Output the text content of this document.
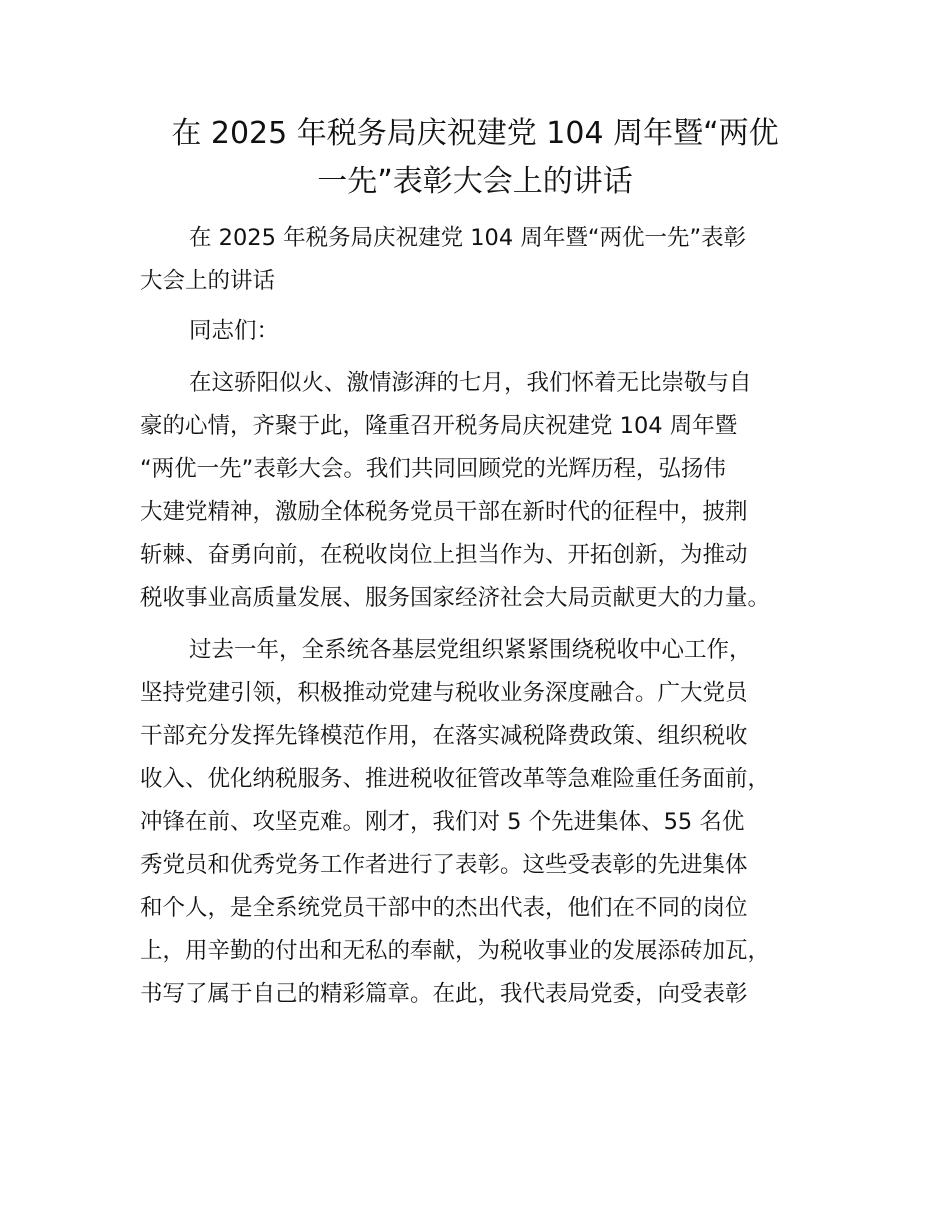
在 2025 年税务局庆祝建党 104 周年暨“两优
一先”表彰大会上的讲话

在 2025 年税务局庆祝建党 104 周年暨“两优一先”表彰
大会上的讲话

同志们：

在这骄阳似火、激情澎湃的七月，我们怀着无比崇敬与自
豪的心情，齐聚于此，隆重召开税务局庆祝建党 104 周年暨
“两优一先”表彰大会。我们共同回顾党的光辉历程，弘扬伟
大建党精神，激励全体税务党员干部在新时代的征程中，披荆
斩棘、奋勇向前，在税收岗位上担当作为、开拓创新，为推动
税收事业高质量发展、服务国家经济社会大局贡献更大的力量。

过去一年，全系统各基层党组织紧紧围绕税收中心工作，
坚持党建引领，积极推动党建与税收业务深度融合。广大党员
干部充分发挥先锋模范作用，在落实减税降费政策、组织税收
收入、优化纳税服务、推进税收征管改革等急难险重任务面前，
冲锋在前、攻坚克难。刚才，我们对 5 个先进集体、55 名优
秀党员和优秀党务工作者进行了表彰。这些受表彰的先进集体
和个人，是全系统党员干部中的杰出代表，他们在不同的岗位
上，用辛勤的付出和无私的奉献，为税收事业的发展添砖加瓦，
书写了属于自己的精彩篇章。在此，我代表局党委，向受表彰
